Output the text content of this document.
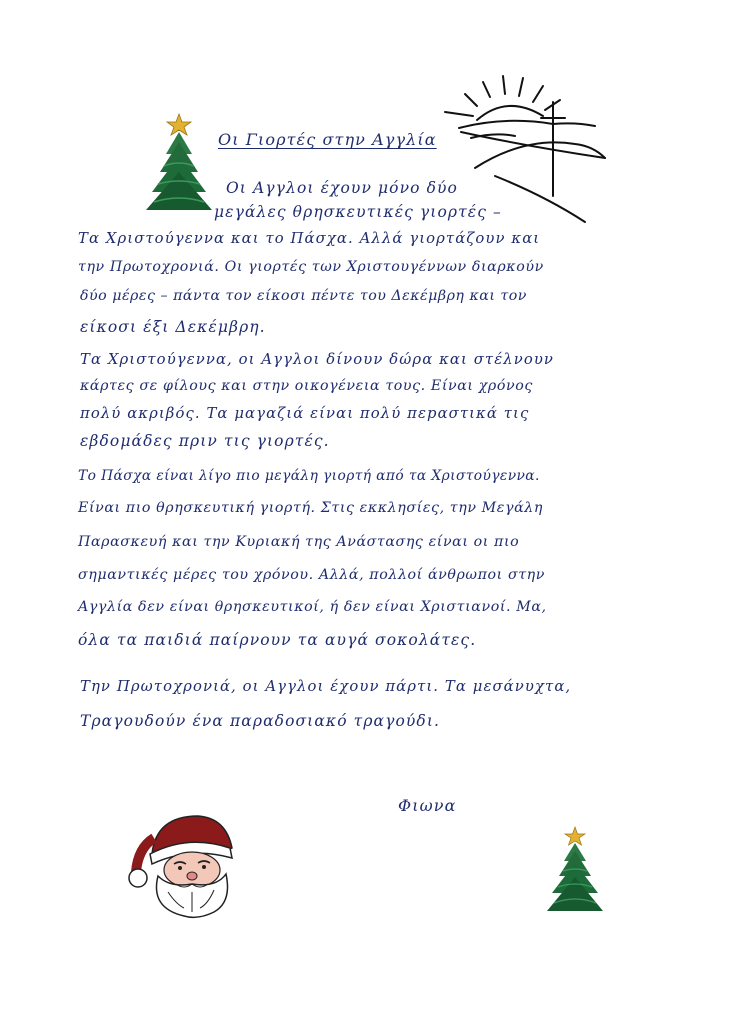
Οι Γιορτές στην Αγγλία
Οι Αγγλοι έχουν μόνο δύο
μεγάλες θρησκευτικές γιορτές –
Τα Χριστούγεννα και το Πάσχα. Αλλά γιορτάζουν και
την Πρωτοχρονιά. Οι γιορτές των Χριστουγέννων διαρκούν
δύο μέρες – πάντα τον είκοσι πέντε του Δεκέμβρη και τον
είκοσι έξι Δεκέμβρη.
Τα Χριστούγεννα, οι Αγγλοι δίνουν δώρα και στέλνουν
κάρτες σε φίλους και στην οικογένεια τους. Είναι χρόνος
πολύ ακριβός. Τα μαγαζιά είναι πολύ πεpαστικά τις
εβδομάδες πριν τις γιορτές.
Το Πάσχα είναι λίγο πιο μεγάλη γιορτή από τα Χριστούγεννα.
Είναι πιο θρησκευτική γιορτή. Στις εκκλησίες, την Μεγάλη
Παρασκευή και την Κυριακή της Ανάστασης είναι οι πιο
σημαντικές μέρες του χρόνου. Αλλά, πολλοί άνθρωποι στην
Αγγλία δεν είναι θρησκευτικοί, ή δεν είναι Χριστιανοί. Μα,
όλα τα παιδιά παίρνουν τα αυγά σοκολάτες.
Την Πρωτοχρονιά, οι Αγγλοι έχουν πάρτι. Τα μεσάνυχτα,
Τραγουδούν ένα παραδοσιακό τραγούδι.
Φιωνα
